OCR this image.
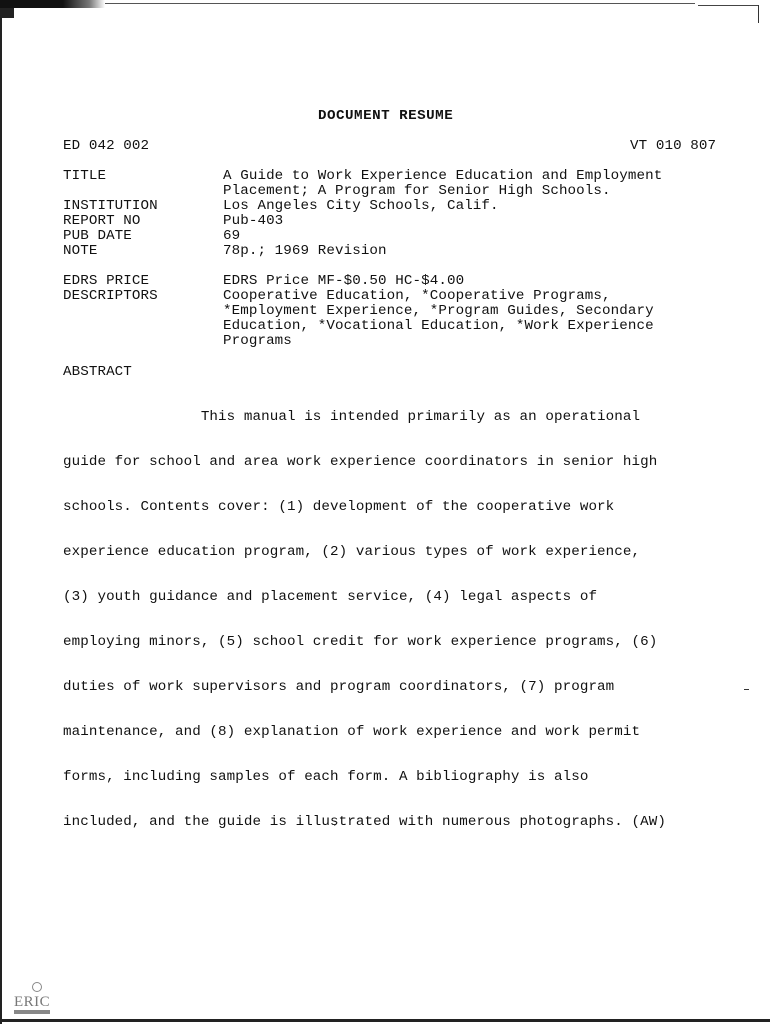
DOCUMENT RESUME
ED 042 002	VT 010 807
TITLE	A Guide to Work Experience Education and Employment
Placement; A Program for Senior High Schools.
INSTITUTION	Los Angeles City Schools, Calif.
REPORT NO	Pub-403
PUB DATE	69
NOTE	78p.; 1969 Revision
EDRS PRICE	EDRS Price MF-$0.50 HC-$4.00
DESCRIPTORS	Cooperative Education, *Cooperative Programs,
*Employment Experience, *Program Guides, Secondary
Education, *Vocational Education, *Work Experience
Programs
ABSTRACT

This manual is intended primarily as an operational

guide for school and area work experience coordinators in senior high

schools. Contents cover: (1) development of the cooperative work

experience education program, (2) various types of work experience,

(3) youth guidance and placement service, (4) legal aspects of

employing minors, (5) school credit for work experience programs, (6)

duties of work supervisors and program coordinators, (7) program

maintenance, and (8) explanation of work experience and work permit

forms, including samples of each form. A bibliography is also

included, and the guide is illustrated with numerous photographs. (AW)

ERIC
